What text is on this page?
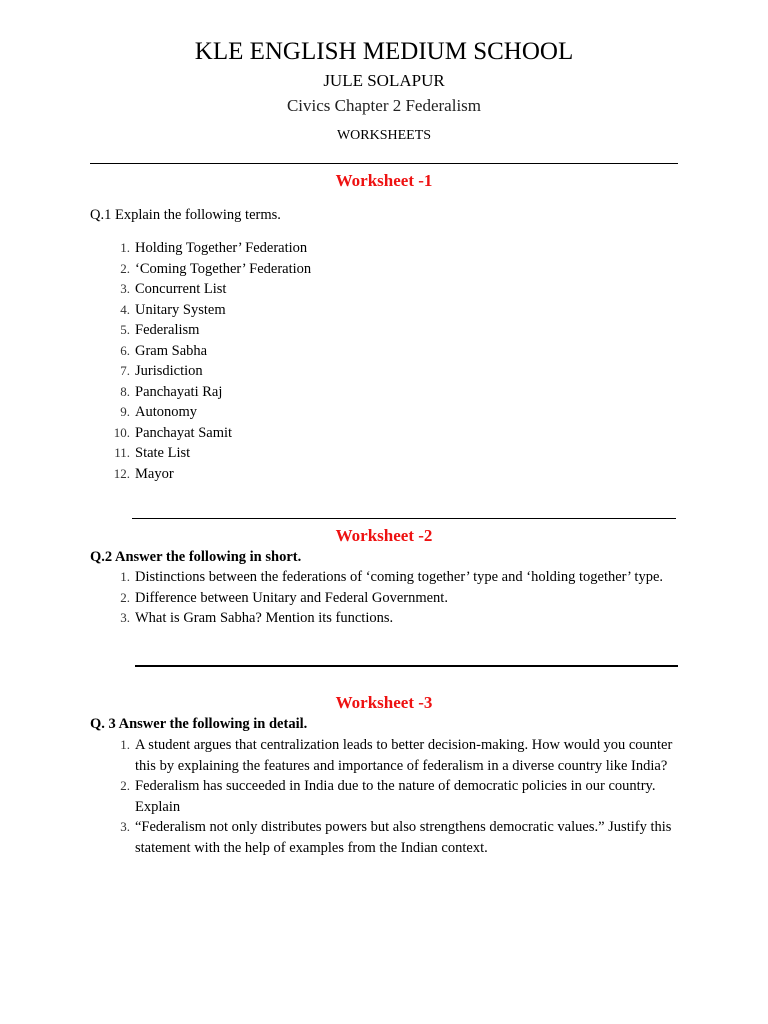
KLE ENGLISH MEDIUM SCHOOL
JULE SOLAPUR
Civics Chapter 2 Federalism
WORKSHEETS
Worksheet -1
Q.1 Explain the following terms.
1. Holding Together’ Federation
2. ‘Coming Together’ Federation
3. Concurrent List
4. Unitary System
5. Federalism
6. Gram Sabha
7. Jurisdiction
8. Panchayati Raj
9. Autonomy
10. Panchayat Samit
11. State List
12. Mayor
Worksheet -2
Q.2 Answer the following in short.
1. Distinctions between the federations of ‘coming together’ type and ‘holding together’ type.
2. Difference between Unitary and Federal Government.
3. What is Gram Sabha? Mention its functions.
Worksheet -3
Q. 3 Answer the following in detail.
1. A student argues that centralization leads to better decision-making. How would you counter this by explaining the features and importance of federalism in a diverse country like India?
2. Federalism has succeeded in India due to the nature of democratic policies in our country. Explain
3. “Federalism not only distributes powers but also strengthens democratic values.” Justify this statement with the help of examples from the Indian context.
